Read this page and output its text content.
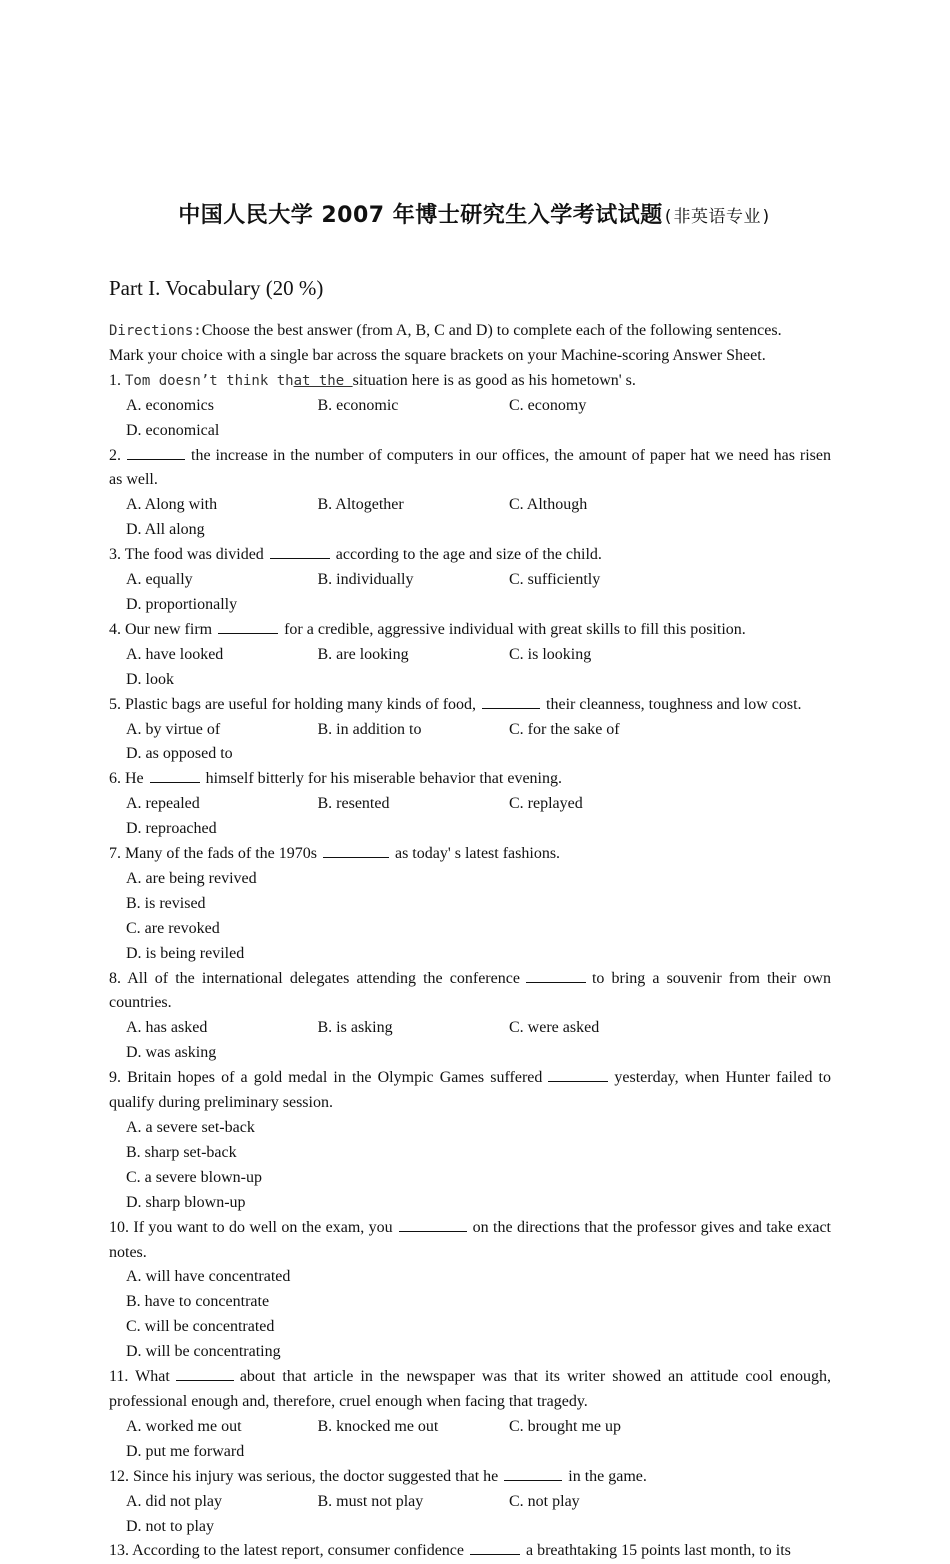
中国人民大学 2007 年博士研究生入学考试试题(非英语专业)
Part I. Vocabulary (20 %)

Directions:Choose the best answer (from A, B, C and D) to complete each of the following sentences.
Mark your choice with a single bar across the square brackets on your Machine-scoring Answer Sheet.

1. Tom doesn’t think that the situation here is as good as his hometown' s.

A. economics	B. economic	C. economy
D. economical

2.	the increase in the number of computers in our offices, the amount of paper hat we need has risen as well.

A. Along with	B. Altogether	C. Although
D. All along

3. The food was divided	according to the age and size of the child.

A. equally	B. individually	C. sufficiently
D. proportionally

4. Our new firm	for a credible, aggressive individual with great skills to fill this position.

A. have looked	B. are looking	C. is looking
D. look

5. Plastic bags are useful for holding many kinds of food,	their cleanness, toughness and low cost.

A. by virtue of	B. in addition to	C. for the sake of
D. as opposed to

6. He	himself bitterly for his miserable behavior that evening.

A. repealed	B. resented	C. replayed
D. reproached

7. Many of the fads of the 1970s	as today' s latest fashions.

A. are being revived
B. is revised
C. are revoked
D. is being reviled

8. All of the international delegates attending the conference	to bring a souvenir from their own countries.

A. has asked	B. is asking	C. were asked
D. was asking

9. Britain hopes of a gold medal in the Olympic Games suffered	yesterday, when Hunter failed to qualify during preliminary session.

A. a severe set-back
B. sharp set-back
C. a severe blown-up
D. sharp blown-up

10. If you want to do well on the exam, you	on the directions that the professor gives and take exact notes.

A. will have concentrated
B. have to concentrate
C. will be concentrated
D. will be concentrating

11. What	about that article in the newspaper was that its writer showed an attitude cool enough, professional enough and, therefore, cruel enough when facing that tragedy.

A. worked me out	B. knocked me out	C. brought me up
D. put me forward

12. Since his injury was serious, the doctor suggested that he	in the game.

A. did not play	B. must not play	C. not play
D. not to play

13. According to the latest report, consumer confidence	a breathtaking 15 points last month, to its
